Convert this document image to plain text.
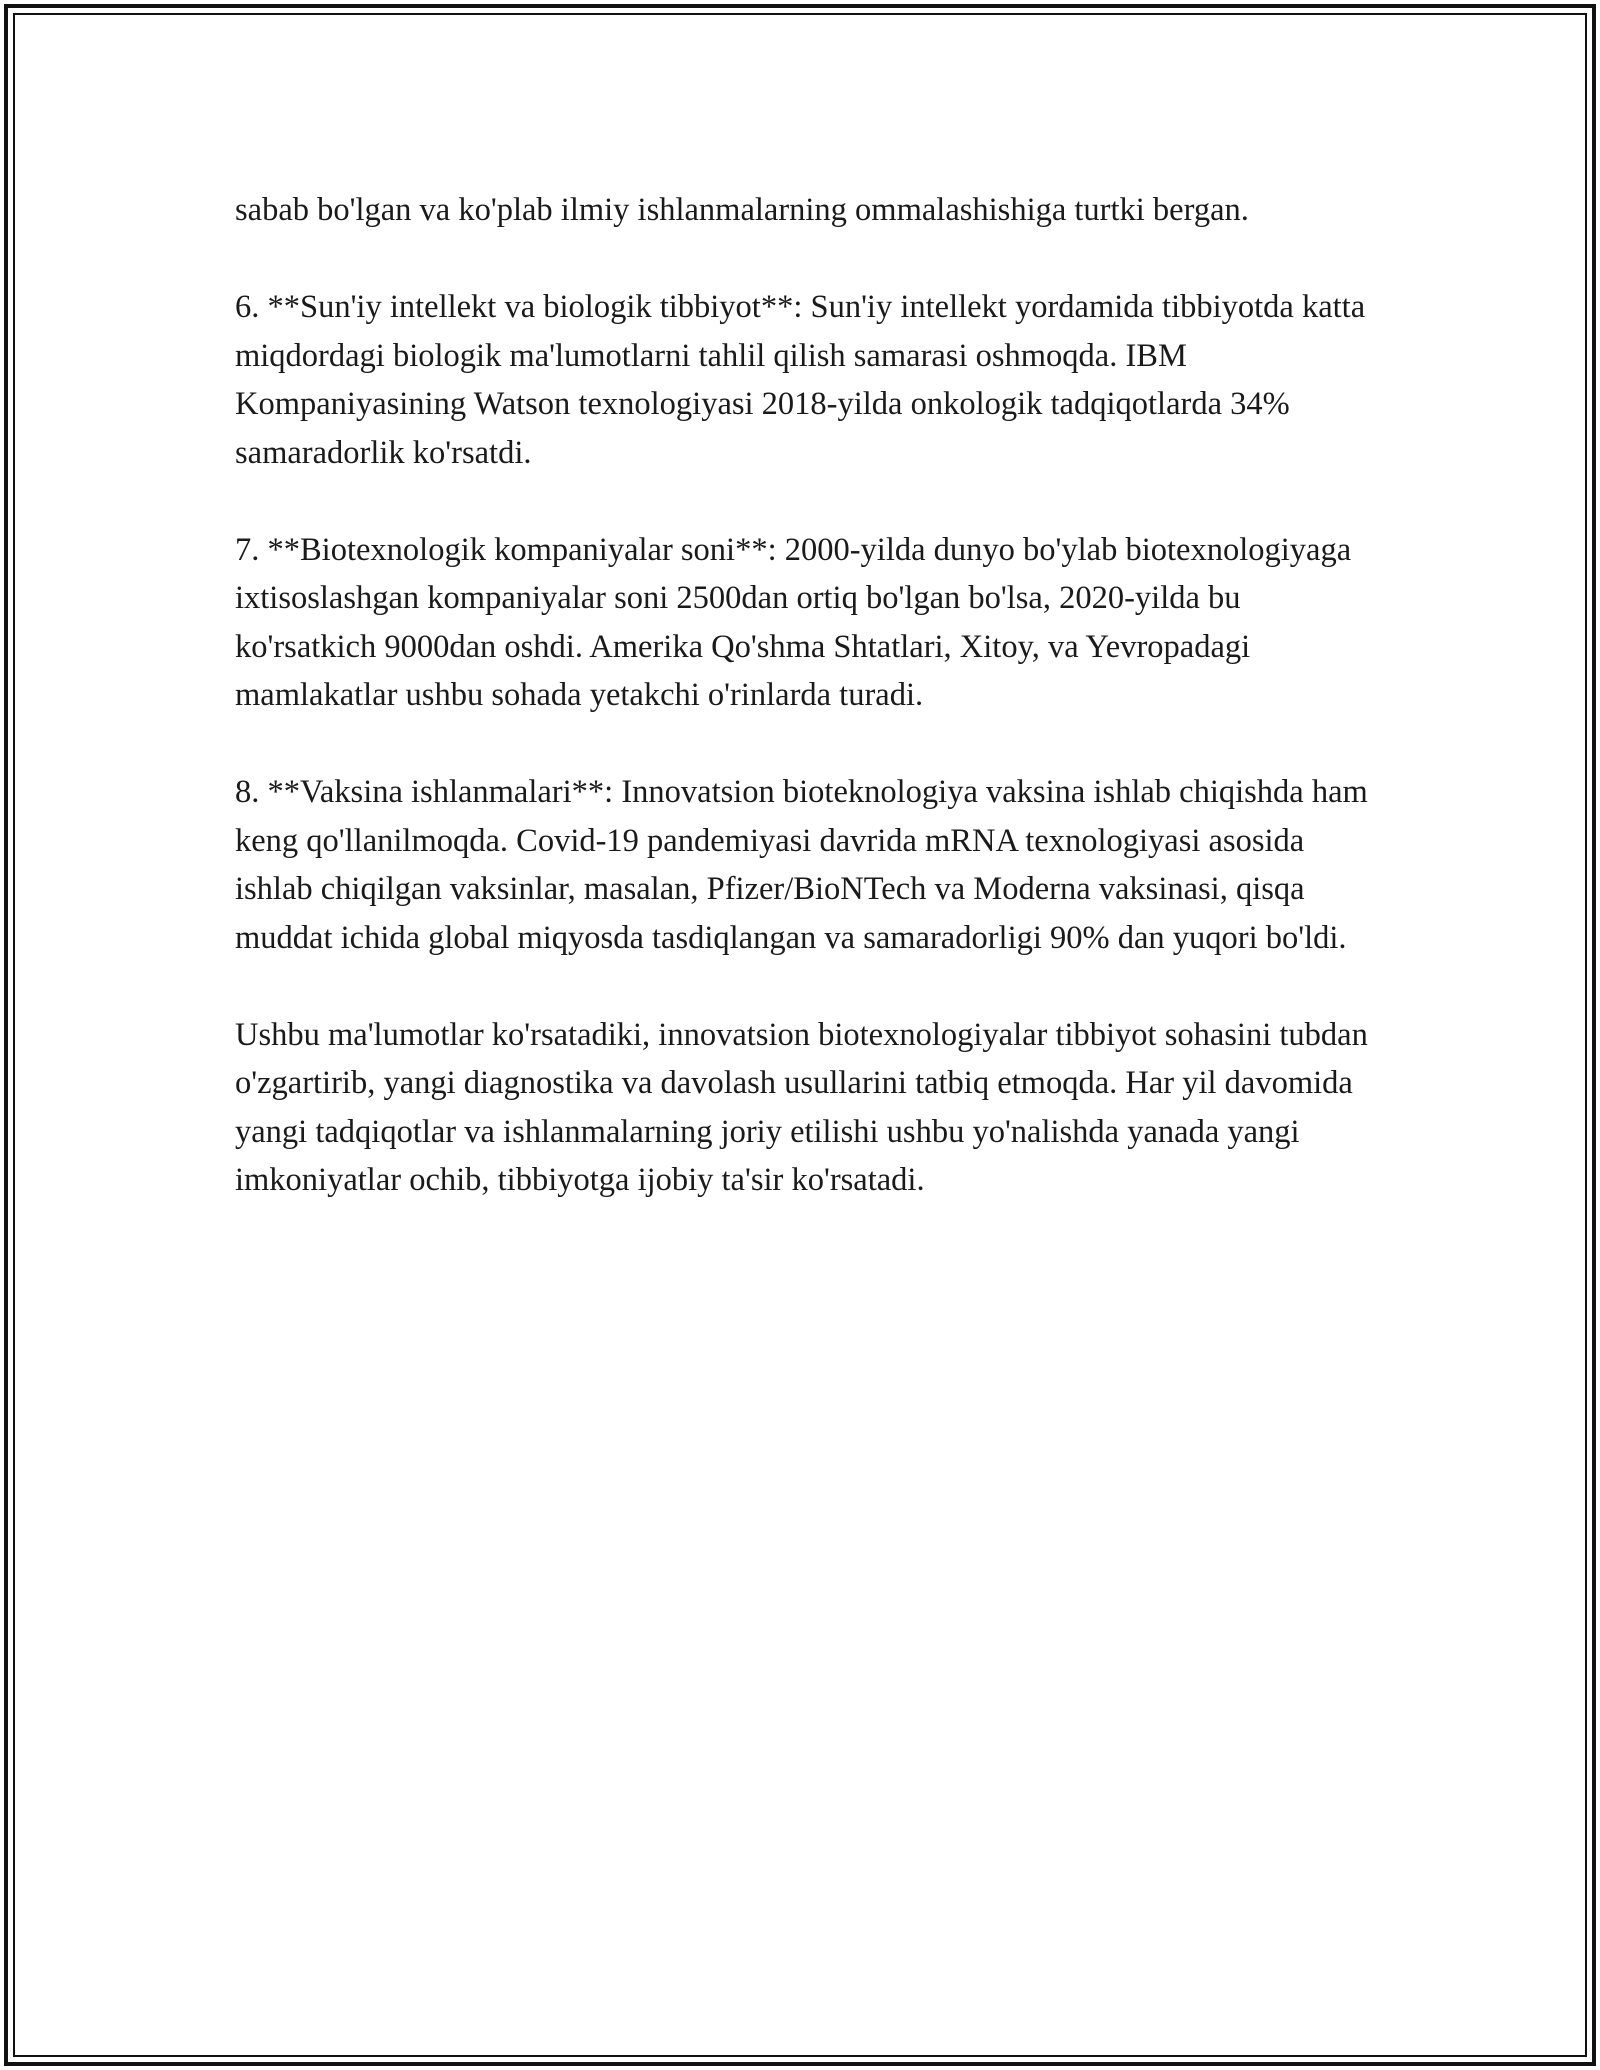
sabab bo'lgan va ko'plab ilmiy ishlanmalarning ommalashishiga turtki bergan.

6. **Sun'iy intellekt va biologik tibbiyot**: Sun'iy intellekt yordamida tibbiyotda katta miqdordagi biologik ma'lumotlarni tahlil qilish samarasi oshmoqda. IBM Kompaniyasining Watson texnologiyasi 2018-yilda onkologik tadqiqotlarda 34% samaradorlik ko'rsatdi.

7. **Biotexnologik kompaniyalar soni**: 2000-yilda dunyo bo'ylab biotexnologiyaga ixtisoslashgan kompaniyalar soni 2500dan ortiq bo'lgan bo'lsa, 2020-yilda bu ko'rsatkich 9000dan oshdi. Amerika Qo'shma Shtatlari, Xitoy, va Yevropadagi mamlakatlar ushbu sohada yetakchi o'rinlarda turadi.

8. **Vaksina ishlanmalari**: Innovatsion bioteknologiya vaksina ishlab chiqishda ham keng qo'llanilmoqda. Covid-19 pandemiyasi davrida mRNA texnologiyasi asosida ishlab chiqilgan vaksinlar, masalan, Pfizer/BioNTech va Moderna vaksinasi, qisqa muddat ichida global miqyosda tasdiqlangan va samaradorligi 90% dan yuqori bo'ldi.

Ushbu ma'lumotlar ko'rsatadiki, innovatsion biotexnologiyalar tibbiyot sohasini tubdan o'zgartirib, yangi diagnostika va davolash usullarini tatbiq etmoqda. Har yil davomida yangi tadqiqotlar va ishlanmalarning joriy etilishi ushbu yo'nalishda yanada yangi imkoniyatlar ochib, tibbiyotga ijobiy ta'sir ko'rsatadi.
